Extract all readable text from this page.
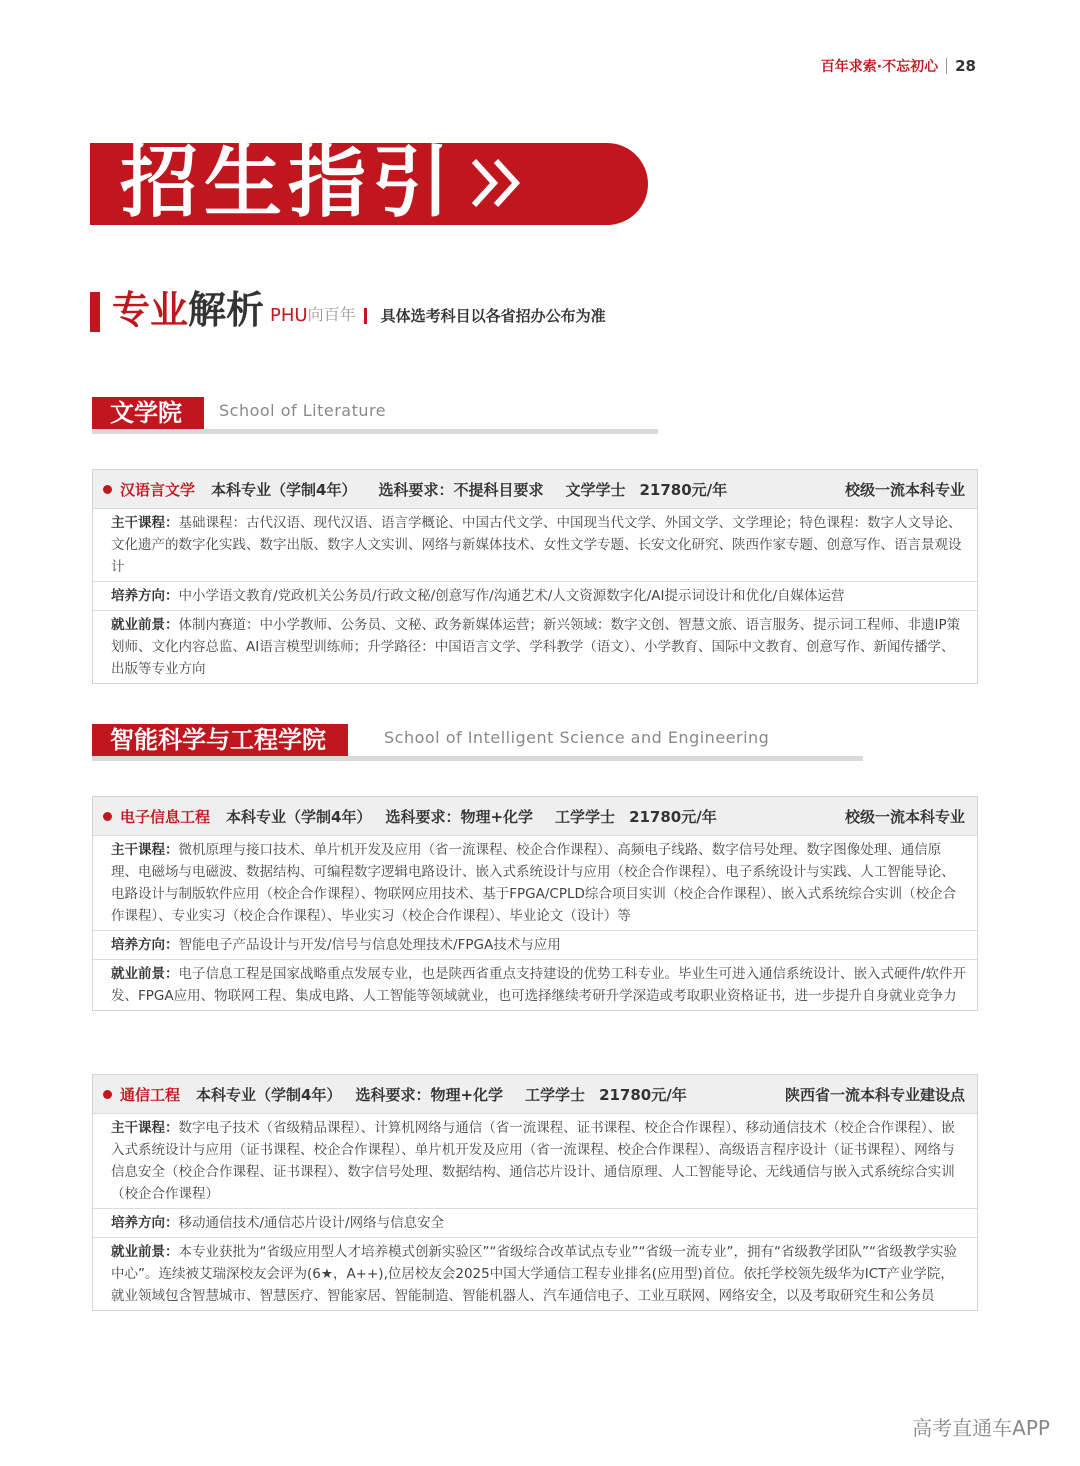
百年求索·不忘初心 28
招生指引
专业解析 PHU 向百年 具体选考科目以各省招办公布为准
文学院	School of Literature
汉语言文学 本科专业（学制4年） 选科要求：不提科目要求 文学学士 21780元/年	校级一流本科专业
主干课程：基础课程：古代汉语、现代汉语、语言学概论、中国古代文学、中国现当代文学、外国文学、文学理论；特色课程：数字人文导论、文化遗产的数字化实践、数字出版、数字人文实训、网络与新媒体技术、女性文学专题、长安文化研究、陕西作家专题、创意写作、语言景观设计
培养方向：中小学语文教育/党政机关公务员/行政文秘/创意写作/沟通艺术/人文资源数字化/AI提示词设计和优化/自媒体运营
就业前景：体制内赛道：中小学教师、公务员、文秘、政务新媒体运营；新兴领域：数字文创、智慧文旅、语言服务、提示词工程师、非遗IP策划师、文化内容总监、AI语言模型训练师；升学路径：中国语言文学、学科教学（语文）、小学教育、国际中文教育、创意写作、新闻传播学、出版等专业方向
智能科学与工程学院	School of Intelligent Science and Engineering
电子信息工程 本科专业（学制4年） 选科要求：物理+化学 工学学士 21780元/年	校级一流本科专业
主干课程：微机原理与接口技术、单片机开发及应用（省一流课程、校企合作课程）、高频电子线路、数字信号处理、数字图像处理、通信原理、电磁场与电磁波、数据结构、可编程数字逻辑电路设计、嵌入式系统设计与应用（校企合作课程）、电子系统设计与实践、人工智能导论、电路设计与制版软件应用（校企合作课程）、物联网应用技术、基于FPGA/CPLD综合项目实训（校企合作课程）、嵌入式系统综合实训（校企合作课程）、专业实习（校企合作课程）、毕业实习（校企合作课程）、毕业论文（设计）等
培养方向：智能电子产品设计与开发/信号与信息处理技术/FPGA技术与应用
就业前景：电子信息工程是国家战略重点发展专业，也是陕西省重点支持建设的优势工科专业。毕业生可进入通信系统设计、嵌入式硬件/软件开发、FPGA应用、物联网工程、集成电路、人工智能等领域就业，也可选择继续考研升学深造或考取职业资格证书，进一步提升自身就业竞争力
通信工程 本科专业（学制4年） 选科要求：物理+化学 工学学士 21780元/年	陕西省一流本科专业建设点
主干课程：数字电子技术（省级精品课程）、计算机网络与通信（省一流课程、证书课程、校企合作课程）、移动通信技术（校企合作课程）、嵌入式系统设计与应用（证书课程、校企合作课程）、单片机开发及应用（省一流课程、校企合作课程）、高级语言程序设计（证书课程）、网络与信息安全（校企合作课程、证书课程）、数字信号处理、数据结构、通信芯片设计、通信原理、人工智能导论、无线通信与嵌入式系统综合实训（校企合作课程）
培养方向：移动通信技术/通信芯片设计/网络与信息安全
就业前景：本专业获批为“省级应用型人才培养模式创新实验区”“省级综合改革试点专业”“省级一流专业”，拥有“省级教学团队”“省级教学实验中心”。连续被艾瑞深校友会评为(6★，A++),位居校友会2025中国大学通信工程专业排名(应用型)首位。依托学校领先级华为ICT产业学院，就业领域包含智慧城市、智慧医疗、智能家居、智能制造、智能机器人、汽车通信电子、工业互联网、网络安全，以及考取研究生和公务员
高考直通车APP
